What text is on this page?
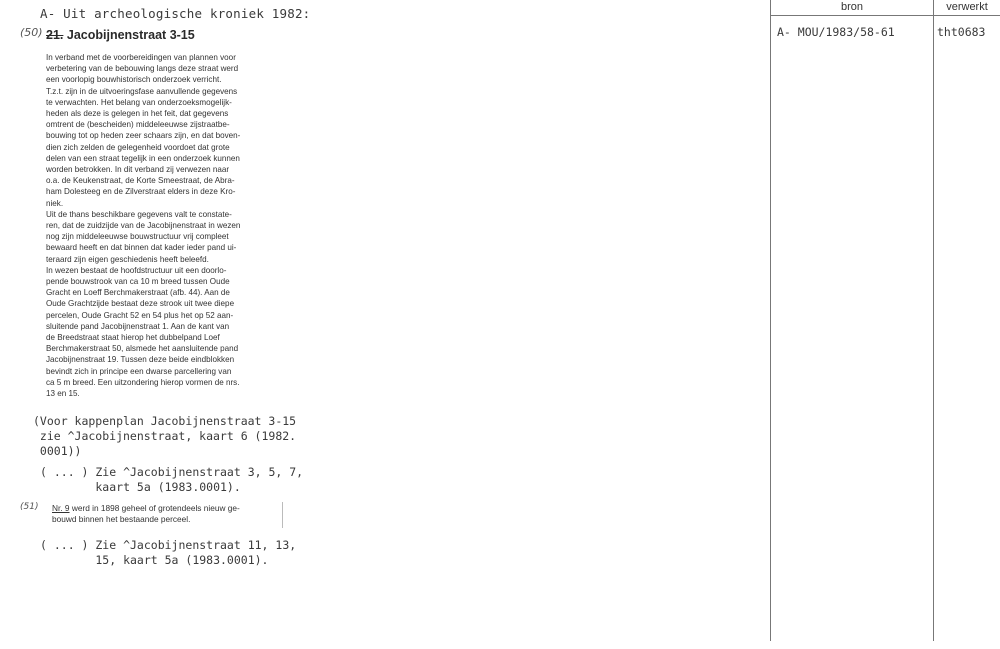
A- Uit archeologische kroniek 1982:
(50) 21. Jacobijnenstraat 3-15

In verband met de voorbereidingen van plannen voor

verbetering van de bebouwing langs deze straat werd

een voorlopig bouwhistorisch onderzoek verricht.

T.z.t. zijn in de uitvoeringsfase aanvullende gegevens

te verwachten. Het belang van onderzoeksmogelijk-

heden als deze is gelegen in het feit, dat gegevens

omtrent de (bescheiden) middeleeuwse zijstraatbe-

bouwing tot op heden zeer schaars zijn, en dat boven-

dien zich zelden de gelegenheid voordoet dat grote

delen van een straat tegelijk in een onderzoek kunnen

worden betrokken. In dit verband zij verwezen naar

o.a. de Keukenstraat, de Korte Smeestraat, de Abra-

ham Dolesteeg en de Zilverstraat elders in deze Kro-

niek.

Uit de thans beschikbare gegevens valt te constate-

ren, dat de zuidzijde van de Jacobijnenstraat in wezen

nog zijn middeleeuwse bouwstructuur vrij compleet

bewaard heeft en dat binnen dat kader ieder pand ui-

teraard zijn eigen geschiedenis heeft beleefd.

In wezen bestaat de hoofdstructuur uit een doorlo-

pende bouwstrook van ca 10 m breed tussen Oude

Gracht en Loeff Berchmakerstraat (afb. 44). Aan de

Oude Grachtzijde bestaat deze strook uit twee diepe

percelen, Oude Gracht 52 en 54 plus het op 52 aan-

sluitende pand Jacobijnenstraat 1. Aan de kant van

de Breedstraat staat hierop het dubbelpand Loef

Berchmakerstraat 50, alsmede het aansluitende pand

Jacobijnenstraat 19. Tussen deze beide eindblokken

bevindt zich in principe een dwarse parcellering van

ca 5 m breed. Een uitzondering hierop vormen de nrs.

13 en 15.

(Voor kappenplan Jacobijnenstraat 3-15
zie ^Jacobijnenstraat, kaart 6 (1982.
0001))
( ... ) Zie ^Jacobijnenstraat 3, 5, 7,
kaart 5a (1983.0001).
(51) Nr. 9 werd in 1898 geheel of grotendeels nieuw ge-
bouwd binnen het bestaande perceel.
( ... ) Zie ^Jacobijnenstraat 11, 13,
15, kaart 5a (1983.0001).
bron	verwerkt
A- MOU/1983/58-61	tht0683
